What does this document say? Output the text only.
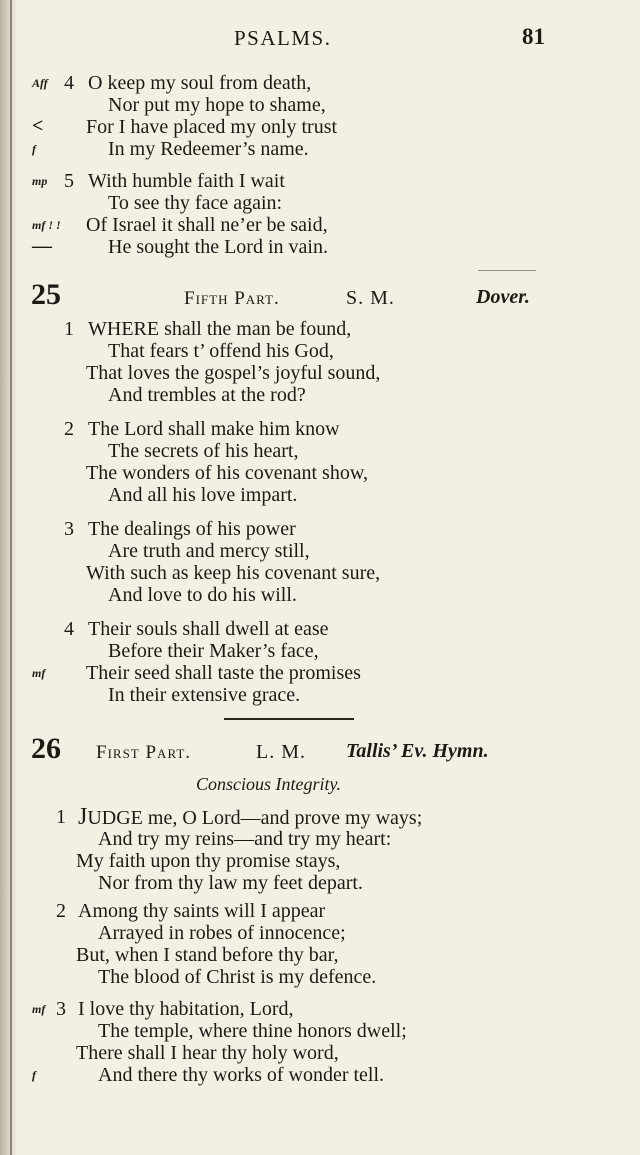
PSALMS.	81
Aff 4 O keep my soul from death,
Nor put my hope to shame,
< For I have placed my only trust
f	In my Redeemer’s name.
mp 5 With humble faith I wait
To see thy face again:
mf ! ! Of Israel it shall ne’er be said,
—	He sought the Lord in vain.
25	Fifth Part.	S. M.	Dover.
1 WHERE shall the man be found,
That fears t’ offend his God,
That loves the gospel’s joyful sound,
And trembles at the rod?
2 The Lord shall make him know
The secrets of his heart,
The wonders of his covenant show,
And all his love impart.
3 The dealings of his power
Are truth and mercy still,
With such as keep his covenant sure,
And love to do his will.
4 Their souls shall dwell at ease
Before their Maker’s face,
mf Their seed shall taste the promises
In their extensive grace.
26 First Part.	L. M. Tallis’ Ev. Hymn.
Conscious Integrity.
1 JUDGE me, O Lord—and prove my ways;
And try my reins—and try my heart:
My faith upon thy promise stays,
Nor from thy law my feet depart.
2 Among thy saints will I appear
Arrayed in robes of innocence;
But, when I stand before thy bar,
The blood of Christ is my defence.
mf 3 I love thy habitation, Lord,
The temple, where thine honors dwell;
There shall I hear thy holy word,
f	And there thy works of wonder tell.
